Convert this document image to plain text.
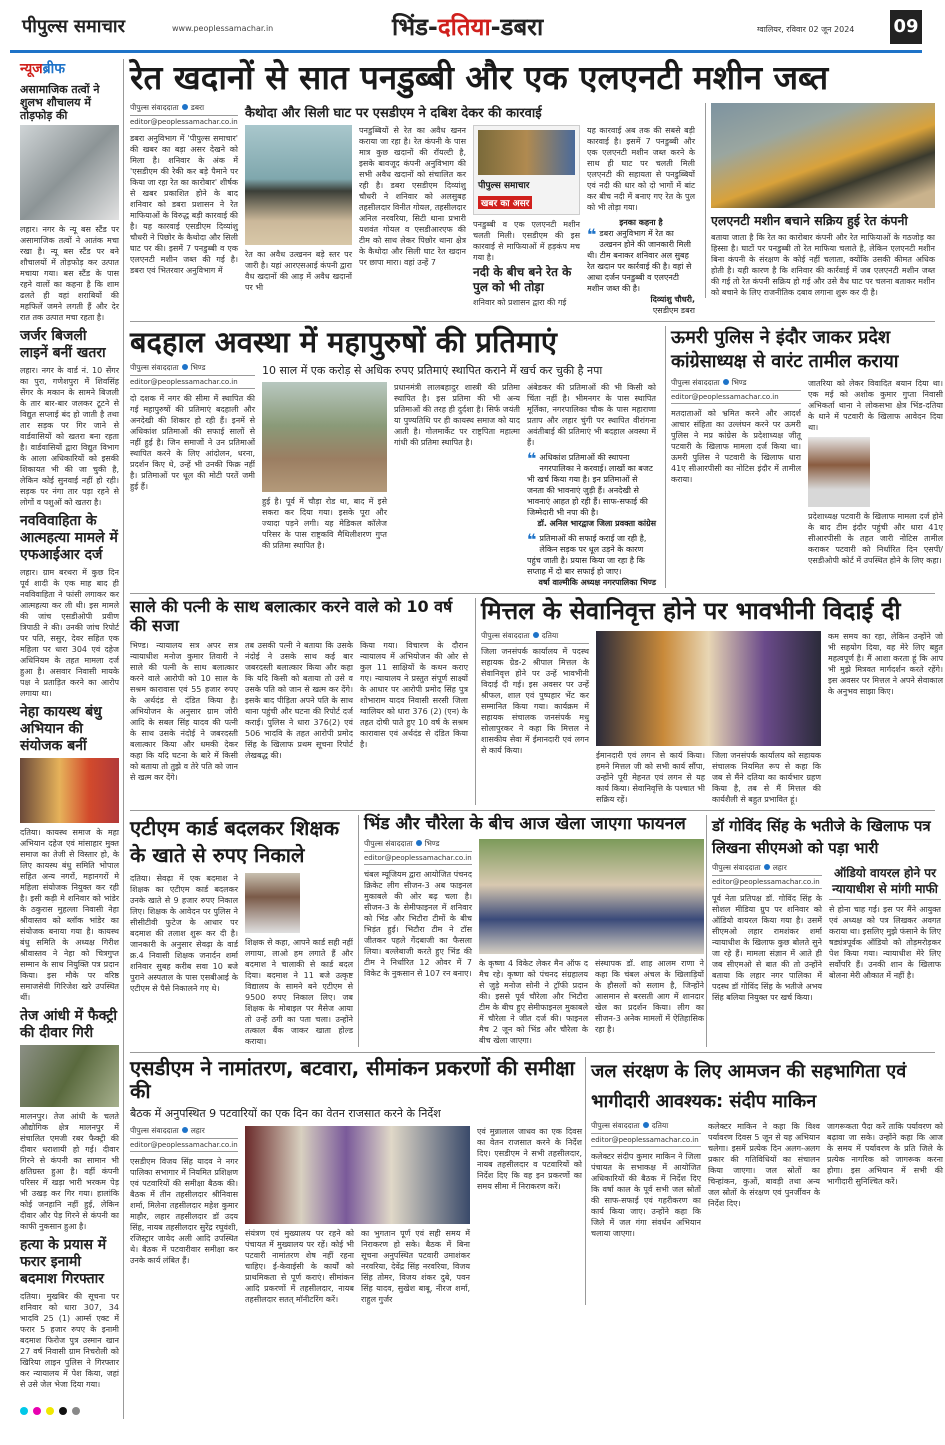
पीपुल्स समाचार	www.peoplessamachar.in	भिंड-दतिया-डबरा	ग्वालियर, रविवार 02 जून 2024 09
न्यूजब्रीफ
असामाजिक तत्वों ने शुलभ शौचालय में तोड़फोड़ की
लहार। नगर के न्यू बस स्टैंड पर असामाजिक तत्वों ने आतंक मचा रखा है। न्यू बस स्टैंड पर बने शौचालयों में तोड़फोड़ कर उत्पात मचाया गया। बस स्टैंड के पास रहने वालों का कहना है कि शाम ढलते ही वहां शराबियों की महफिलें जमने लगती हैं और देर रात तक उत्पात मचा रहता है।
जर्जर बिजली लाइनें बनीं खतरा
लहार। नगर के वार्ड नं. 10 सेंगर का पुरा, गणेशपुरा में शिवसिंह सेंगर के मकान के सामने बिजली के तार बार-बार जलकर टूटने से विद्युत सप्लाई बंद हो जाती है तथा तार सड़क पर गिर जाने से वार्डवासियों को खतरा बना रहता है। वार्डवासियों द्वारा विद्युत विभाग के आला अधिकारियों को इसकी शिकायत भी की जा चुकी है, लेकिन कोई सुनवाई नहीं हो रही। सड़क पर नंगा तार पड़ा रहने से लोगों व पशुओं को खतरा है।
नवविवाहिता के आत्महत्या मामले में एफआईआर दर्ज
लहार। ग्राम बरथरा में कुछ दिन पूर्व शादी के एक माह बाद ही नवविवाहिता ने फांसी लगाकर कर आत्महत्या कर ली थी। इस मामले की जांच एसडीओपी प्रवीण त्रिपाठी ने की। उनकी जांच रिपोर्ट पर पति, ससुर, देवर सहित एक महिला पर धारा 304 एवं दहेज अधिनियम के तहत मामला दर्ज हुआ है। असवार निवासी मायके पक्ष ने प्रताड़ित करने का आरोप लगाया था।
नेहा कायस्थ बंधु अभियान की संयोजक बनीं
दतिया। कायस्थ समाज के महा अभियान दहेज एवं मांसाहार मुक्त समाज का तेजी से विस्तार हो, के लिए कायस्थ बंधु समिति भोपाल सहित अन्य नगरों, महानगरों मे महिला संयोजक नियुक्त कर रही है। इसी कड़ी मे शनिवार को भांडेर के ठकुरास मुहल्ला निवासी नेहा श्रीवास्तव को ब्लॉक भांडेर का संयोजक बनाया गया है। कायस्थ बंधु समिति के अध्यक्ष गिरीश श्रीवास्तव ने नेहा को चित्रगुप्त सम्मान के साथ नियुक्ति पत्र प्रदान किया। इस मौके पर वरिष्ठ समाजसेवी गिरिजेश खरे उपस्थित थीं।
तेज आंधी में फैक्ट्री की दीवार गिरी
मालनपुर। तेज आंधी के चलते औद्योगिक क्षेत्र मालनपुर में संचालित एमजी रबर फैक्ट्री की दीवार धराशायी हो गई। दीवार गिरने से कंपनी का सामान भी क्षतिग्रस्त हुआ है। वहीं कंपनी परिसर में खड़ा भारी भरकम पेड़ भी उखड़ कर गिर गया। हालांकि कोई जनहानि नहीं हुई, लेकिन दीवार और पेड़ गिरने से कंपनी का काफी नुकसान हुआ है।
हत्या के प्रयास में फरार इनामी बदमाश गिरफ्तार
दतिया। मुखबिर की सूचना पर शनिवार को धारा 307, 34 भादवि 25 (1) आर्म्स एक्ट में फरार 5 हजार रुपए के इनामी बदमाश फिरोज पुत्र उस्मान खान 27 वर्ष निवासी ग्राम निचरोली को खिरिया लाइन पुलिस ने गिरफ्तार कर न्यायालय में पेश किया, जहां से उसे जेल भेजा दिया गया।

रेत खदानों से सात पनडुब्बी और एक एलएनटी मशीन जब्त
पीपुल्स संवाददाता डबरा
editor@peoplessamachar.co.in
डबरा अनुविभाग में 'पीपुल्स समाचार' की खबर का बड़ा असर देखने को मिला है। शनिवार के अंक में 'एसडीएम की रेकी कर बड़े पैमाने पर किया जा रहा रेत का कारोबार' शीर्षक से खबर प्रकाशित होने के बाद शनिवार को डबरा प्रशासन ने रेत माफियाओं के विरुद्ध बड़ी कारवाई की है। यह कारवाई एसडीएम दिव्यांशु चौधरी ने पिछोर के कैथोदा और सिली घाट पर की। इसमें 7 पनडुब्बी व एक एलएनटी मशीन जब्त की गई है। डबरा एवं भितरवार अनुविभाग में
कैथोदा और सिली घाट पर एसडीएम ने दबिश देकर की कारवाई
रेत का अवैध उत्खनन बड़े स्तर पर जारी है। यहां आरएसआई कंपनी द्वारा वैध खदानों की आड़ में अवैध खदानों पर भी
पनडुब्बियों से रेत का अवैध खनन कराया जा रहा है। रेत कंपनी के पास मात्र कुछ खदानों की रॉयल्टी है, इसके बावजूद कंपनी अनुविभाग की सभी अवैध खदानों को संचालित कर रही है। डबरा एसडीएम दिव्यांशु चौधरी ने शनिवार को अलसुबह तहसीलदार विनीत गोयल, तहसीलदार अनिल नरवरिया, सिटी थाना प्रभारी यशवंत गोयल व एसडीआरएफ की टीम को साथ लेकर पिछोर थाना क्षेत्र के कैथोदा और सिली घाट रेत खदान पर छापा मारा। वहां उन्हें 7
पीपुल्स समाचार
खबर का असर
पनडुब्बी व एक एलएनटी मशीन चलती मिली। एसडीएम की इस कारवाई से माफियाओं में हड़कंप मच गया है।
नदी के बीच बने रेत के पुल को भी तोड़ा
शनिवार को प्रशासन द्वारा की गई
यह कारवाई अब तक की सबसे बड़ी कारवाई है। इसमें 7 पनडुब्बी और एक एलएनटी मशीन जब्त करने के साथ ही घाट पर चलती मिली एलएनटी की सहायता से पनडुब्बियों एवं नदी की धार को दो भागों में बांट कर बीच नदी में बनाए गए रेत के पुल को भी तोड़ा गया।
इनका कहना है
❝ डबरा अनुविभाग में रेत का उत्खनन होने की जानकारी मिली थी। टीम बनाकर शनिवार अल सुबह रेत खदान पर कार्रवाई की है। वहां से आधा दर्जन पनडुब्बी व एलएनटी मशीन जब्त की है।
दिव्यांशु चौधरी,
एसडीएम डबरा
एलएनटी मशीन बचाने सक्रिय हुई रेत कंपनी
बताया जाता है कि रेत का कारोबार कंपनी और रेत माफियाओं के गठजोड़ का हिस्सा है। घाटों पर पनडुब्बी तो रेत माफिया चलाते है, लेकिन एलएनटी मशीन बिना कंपनी के संरक्षण के कोई नहीं चलाता, क्योंकि उसकी कीमत अधिक होती है। यही कारण है कि शनिवार की कार्रवाई में जब एलएनटी मशीन जब्त की गई तो रेत कंपनी सक्रिय हो गई और उसे वैध घाट पर चलना बताकर मशीन को बचाने के लिए राजनीतिक दबाव लगाना शुरू कर दी है।
बदहाल अवस्था में महापुरुषों की प्रतिमाएं
पीपुल्स संवाददाता भिण्ड
editor@peoplessamachar.co.in
दो दशक में नगर की सीमा में स्थापित की गई महापुरुषों की प्रतिमाएं बदहाली और अनदेखी की शिकार हो रही हैं। इनमें से अधिकांश प्रतिमाओं की सफाई सालों से नहीं हुई है। जिन समाजों ने उन प्रतिमाओं स्थापित करने के लिए आंदोलन, धरना, प्रदर्शन किए थे, उन्हें भी उनकी फिक्र नहीं है। प्रतिमाओं पर धूल की मोटी परतें जमी हुई हैं।
10 साल में एक करोड़ से अधिक रुपए प्रतिमाएं स्थापित कराने में खर्च कर चुकी है नपा
हुई है। पूर्व में चौड़ा रोड था, बाद में इसे सकरा कर दिया गया। इसके पूरा और ज्यादा पड़ने लगी। यह मेडिकल कॉलेज परिसर के पास राष्ट्रकवि मैथिलीशरण गुप्त की प्रतिमा स्थापित है।
प्रधानमंत्री लालबहादुर शास्त्री की प्रतिमा स्थापित है। इस प्रतिमा की भी अन्य प्रतिमाओं की तरह ही दुर्दशा है। सिर्फ जयंती या पुण्यतिथि पर ही कायस्थ समाज को याद आती है। गोलमार्केट पर राष्ट्रपिता महात्मा गांधी की प्रतिमा स्थापित है।
अंबेडकर की प्रतिमाओं की भी किसी को चिंता नहीं है। भीमनगर के पास स्थापित मूर्तिका, नगरपालिका चौक के पास महाराणा प्रताप और लहार चुंगी पर स्थापित वीरांगना अवंतीबाई की प्रतिमाएं भी बदहाल अवस्था में हैं।
❝ अधिकांश प्रतिमाओं की स्थापना नगरपालिका ने करवाई। लाखों का बजट भी खर्च किया गया है। इन प्रतिमाओं से जनता की भावनाएं जुड़ी हैं। अनदेखी से भावनाएं आहत हो रही हैं। साफ-सफाई की जिम्मेदारी भी नपा की है।
डॉ. अनिल भारद्वाज जिला प्रवक्ता कांग्रेस
❝ प्रतिमाओं की सफाई कराई जा रही है, लेकिन सड़क पर धूल उड़ने के कारण पहुंच जाती है। प्रयास किया जा रहा है कि सप्ताह में दो बार सफाई हो जाए।
वर्षा वाल्मीकि अध्यक्ष नगरपालिका भिण्ड
ऊमरी पुलिस ने इंदौर जाकर प्रदेश कांग्रेसाध्यक्ष से वारंट तामील कराया
पीपुल्स संवाददाता भिण्ड
editor@peoplessamachar.co.in
मतदाताओं को भ्रमित करने और आदर्श आचार संहिता का उल्लंघन करने पर ऊमरी पुलिस ने मप्र कांग्रेस के प्रदेशाध्यक्ष जीतू पटवारी के खिलाफ मामला दर्ज किया था। ऊमरी पुलिस ने पटवारी के खिलाफ धारा 41ए सीआरपीसी का नोटिस इंदौर में तामील कराया।
जातरिया को लेकर विवादित बयान दिया था। एक मई को अशोक कुमार गुप्ता निवासी अभिकर्ता थाना ने लोकसभा क्षेत्र भिंड-दतिया के थाने में पटवारी के खिलाफ आवेदन दिया था।
प्रदेशाध्यक्ष पटवारी के खिलाफ मामला दर्ज होने के बाद टीम इंदौर पहुंची और धारा 41ए सीआरपीसी के तहत जारी नोटिस तामील कराकर पटवारी को निर्धारित दिन एसपी/एसडीओपी कोर्ट में उपस्थित होने के लिए कहा।
साले की पत्नी के साथ बलात्कार करने वाले को 10 वर्ष की सजा
भिण्ड। न्यायालय सत्र अपर सत्र न्यायाधीश मनोज कुमार तिवारी ने साले की पत्नी के साथ बलात्कार करने वाले आरोपी को 10 साल के सश्रम कारावास एवं 55 हजार रुपए के अर्थदंड से दंडित किया है। अभियोजन के अनुसार ग्राम जोरी आदि के सबल सिंह यादव की पत्नी के साथ उसके नंदोई ने जबरदस्ती बलात्कार किया और धमकी देकर कहा कि यदि घटना के बारे में किसी को बताया तो तुझे व तेरे पति को जान से खत्म कर देंगे।
तब उसकी पत्नी ने बताया कि उसके नंदोई ने उसके साथ कई बार जबरदस्ती बलात्कार किया और कहा कि यदि किसी को बताया तो उसे व उसके पति को जान से खत्म कर देंगे। इसके बाद पीड़िता अपने पति के साथ थाना पहुंची और घटना की रिपोर्ट दर्ज कराई। पुलिस ने धारा 376(2) एवं 506 भादवि के तहत आरोपी प्रमोद सिंह के खिलाफ प्रथम सूचना रिपोर्ट लेखबद्ध की।
किया गया। विचारण के दौरान न्यायालय में अभियोजन की ओर से कुल 11 साक्षियों के कथन कराए गए। न्यायालय ने प्रस्तुत संपूर्ण साक्ष्यों के आधार पर आरोपी प्रमोद सिंह पुत्र शोभाराम यादव निवासी सरसी जिला ग्वालियर को धारा 376 (2) (एन) के तहत दोषी पाते हुए 10 वर्ष के सश्रम कारावास एवं अर्थदंड से दंडित किया है।
मित्तल के सेवानिवृत्त होने पर भावभीनी विदाई दी
पीपुल्स संवाददाता दतिया
जिला जनसंपर्क कार्यालय में पदस्थ सहायक ग्रेड-2 श्रीपाल मित्तल के सेवानिवृत्त होने पर उन्हें भावभीनी विदाई दी गई। इस अवसर पर उन्हें श्रीफल, शाल एवं पुष्पहार भेंट कर सम्मानित किया गया। कार्यक्रम में सहायक संचालक जनसंपर्क मधु सोलापुरकर ने कहा कि मित्तल ने शासकीय सेवा में ईमानदारी एवं लगन से कार्य किया।
ईमानदारी एवं लगन से कार्य किया। हमने मित्तल जी को सभी कार्य सौंपा, उन्होंने पूरी मेहनत एवं लगन से यह कार्य किया। सेवानिवृत्ति के पश्चात भी सक्रिय रहें।
जिला जनसंपर्क कार्यालय को सहायक संचालक नियमित रूप से कहा कि जब से मैंने दतिया का कार्यभार ग्रहण किया है, तब से मैं मित्तल की कार्यशैली से बहुत प्रभावित हूं।
कम समय का रहा, लेकिन उन्होंने जो भी सहयोग दिया, वह मेरे लिए बहुत महत्वपूर्ण है। मैं आशा करता हूं कि आप भी मुझे मित्रवत मार्गदर्शन करते रहेंगे। इस अवसर पर मित्तल ने अपने सेवाकाल के अनुभव साझा किए।
एटीएम कार्ड बदलकर शिक्षक के खाते से रुपए निकाले
दतिया। सेवढ़ा में एक बदमाश ने शिक्षक का एटीएम कार्ड बदलकर उनके खाते से 9 हजार रुपए निकाल लिए। शिक्षक के आवेदन पर पुलिस ने सीसीटीवी फुटेज के आधार पर बदमाश की तलाश शुरू कर दी है। जानकारी के अनुसार सेवढ़ा के वार्ड क्र.4 निवासी शिक्षक जनार्दन शर्मा शनिवार सुबह करीब सवा 10 बजे पुराने अस्पताल के पास एसबीआई के एटीएम से पैसे निकालने गए थे।
शिक्षक से कहा, आपने कार्ड सही नहीं लगाया, लाओ हम लगाते हैं और बदमाश ने चालाकी से कार्ड बदल दिया। बदमाश ने 11 बजे उत्कृष्ट विद्यालय के सामने बने एटीएम से 9500 रुपए निकाल लिए। जब शिक्षक के मोबाइल पर मैसेज आया तो उन्हें ठगी का पता चला। उन्होंने तत्काल बैंक जाकर खाता होल्ड कराया।
भिंड और चौरेला के बीच आज खेला जाएगा फायनल
पीपुल्स संवाददाता भिण्ड
editor@peoplessamachar.co.in
चंबल म्यूजियम द्वारा आयोजित पंचनद क्रिकेट लीग सीजन-3 अब फाइनल मुकाबले की ओर बढ़ चला है। सीजन-3 के सेमीफाइनल में शनिवार को भिंड और भिटौरा टीमों के बीच भिड़ंत हुई। भिटौरा टीम ने टॉस जीतकर पहले गेंदबाजी का फैसला लिया। बल्लेबाजी करते हुए भिंड की टीम ने निर्धारित 12 ओवर में 7 विकेट के नुकसान से 107 रन बनाए।
के कृष्णा 4 विकेट लेकर मैन ऑफ द मैच रहे। कृष्णा को पंचनद संग्रहालय से जुड़े मनोज सोनी ने ट्रॉफी प्रदान की। इससे पूर्व चौरेला और भिटौरा टीम के बीच हुए सेमीफाइनल मुकाबले में चौरेला ने जीत दर्ज की। फाइनल मैच 2 जून को भिंड और चौरेला के बीच खेला जाएगा।
संस्थापक डॉ. शाह आलम राणा ने कहा कि चंबल अंचल के खिलाड़ियों के हौसलों को सलाम है, जिन्होंने आसमान से बरसती आग में शानदार खेल का प्रदर्शन किया। लीग का सीजन-3 अनेक मामलों में ऐतिहासिक रहा है।
डॉ गोविंद सिंह के भतीजे के खिलाफ पत्र लिखना सीएमओ को पड़ा भारी
पीपुल्स संवाददाता लहार
editor@peoplessamachar.co.in
पूर्व नेता प्रतिपक्ष डॉ. गोविंद सिंह के सोशल मीडिया ग्रुप पर शनिवार को ऑडियो वायरल किया गया है। उसमें सीएमओ लहार रामशंकर शर्मा न्यायाधीश के खिलाफ कुछ बोलते सुने जा रहे हैं। मामला संज्ञान में आते ही जब सीएमओ से बात की तो उन्होंने बताया कि लहार नगर पालिका में पदस्थ डॉ गोविंद सिंह के भतीजे अभय सिंह बलिया नियुक्त पर खर्च किया।
ऑडियो वायरल होने पर न्यायाधीश से मांगी माफी
से होना चाह गई। इस पर मैंने आयुक्त एवं अध्यक्ष को पत्र लिखकर अवगत कराया था। इसलिए मुझे फंसाने के लिए षड्यंत्रपूर्वक ऑडियो को तोड़मरोड़कर पेश किया गया। न्यायाधीश मेरे लिए सर्वोपरि हैं। उनकी शान के खिलाफ बोलना मेरी औकात में नहीं है।
एसडीएम ने नामांतरण, बटवारा, सीमांकन प्रकरणों की समीक्षा की
बैठक में अनुपस्थित 9 पटवारियों का एक दिन का वेतन राजसात करने के निर्देश
पीपुल्स संवाददाता लहार
editor@peoplessamachar.co.in
एसडीएम विजय सिंह यादव ने नगर पालिका सभागार में नियमित प्रशिक्षण एवं पटवारियों की समीक्षा बैठक की। बैठक में तीन तहसीलदार श्रीनिवास शर्मा, मिलेना तहसीलदार महेश कुमार माहौर, लहार तहसीलदार डॉ उदय सिंह, नायब तहसीलदार सुरेंद्र रघुवंशी, रजिस्ट्रार जावेद अली आदि उपस्थित थे। बैठक में पटवारीवार समीक्षा कर उनके कार्य लंबित हैं।
संयंत्रण एवं मुख्यालय पर रहने को पंचायत में मुख्यालय पर रहें। कोई भी पटवारी नामांतरण शेष नहीं रहना चाहिए। ई-केवाईसी के कार्यों को प्राथमिकता से पूर्ण कराएं। सीमांकन आदि प्रकरणों में तहसीलदार, नायब तहसीलदार सतत् मॉनीटरिंग करें।
का भुगतान पूर्ण एवं सही समय में निराकरण हो सके। बैठक में बिना सूचना अनुपस्थित पटवारी उमाशंकर नरवरिया, देवेंद्र सिंह नरवरिया, विजय सिंह तोमर, विजय शंकर दुबे, पवन सिंह यादव, सुखेश बाबू, नीरज शर्मा, राहुल गुर्जर
एवं मुन्नालाल जाधव का एक दिवस का वेतन राजसात करने के निर्देश दिए। एसडीएम ने सभी तहसीलदार, नायब तहसीलदार व पटवारियों को निर्देश दिए कि वह इन प्रकरणों का समय सीमा में निराकरण करें।
जल संरक्षण के लिए आमजन की सहभागिता एवं भागीदारी आवश्यक: संदीप माकिन
पीपुल्स संवाददाता दतिया
editor@peoplessamachar.co.in
कलेक्टर संदीप कुमार माकिन ने जिला पंचायत के सभाकक्ष में आयोजित अधिकारियों की बैठक में निर्देश दिए कि वर्षा काल के पूर्व सभी जल स्रोतों की साफ-सफाई एवं गहरीकरण का कार्य किया जाए। उन्होंने कहा कि जिले में जल गंगा संवर्धन अभियान चलाया जाएगा।
कलेक्टर माकिन ने कहा कि विश्व पर्यावरण दिवस 5 जून से यह अभियान चलेगा। इसमें प्रत्येक दिन अलग-अलग प्रकार की गतिविधियों का संचालन किया जाएगा। जल स्रोतों का चिन्हांकन, कुओं, बावड़ी तथा अन्य जल स्रोतों के संरक्षण एवं पुनर्जीवन के निर्देश दिए।
जागरूकता पैदा करें ताकि पर्यावरण को बढ़ावा जा सके। उन्होंने कहा कि आज के समय में पर्यावरण के प्रति जिले के प्रत्येक नागरिक को जागरूक करना होगा। इस अभियान में सभी की भागीदारी सुनिश्चित करें।
